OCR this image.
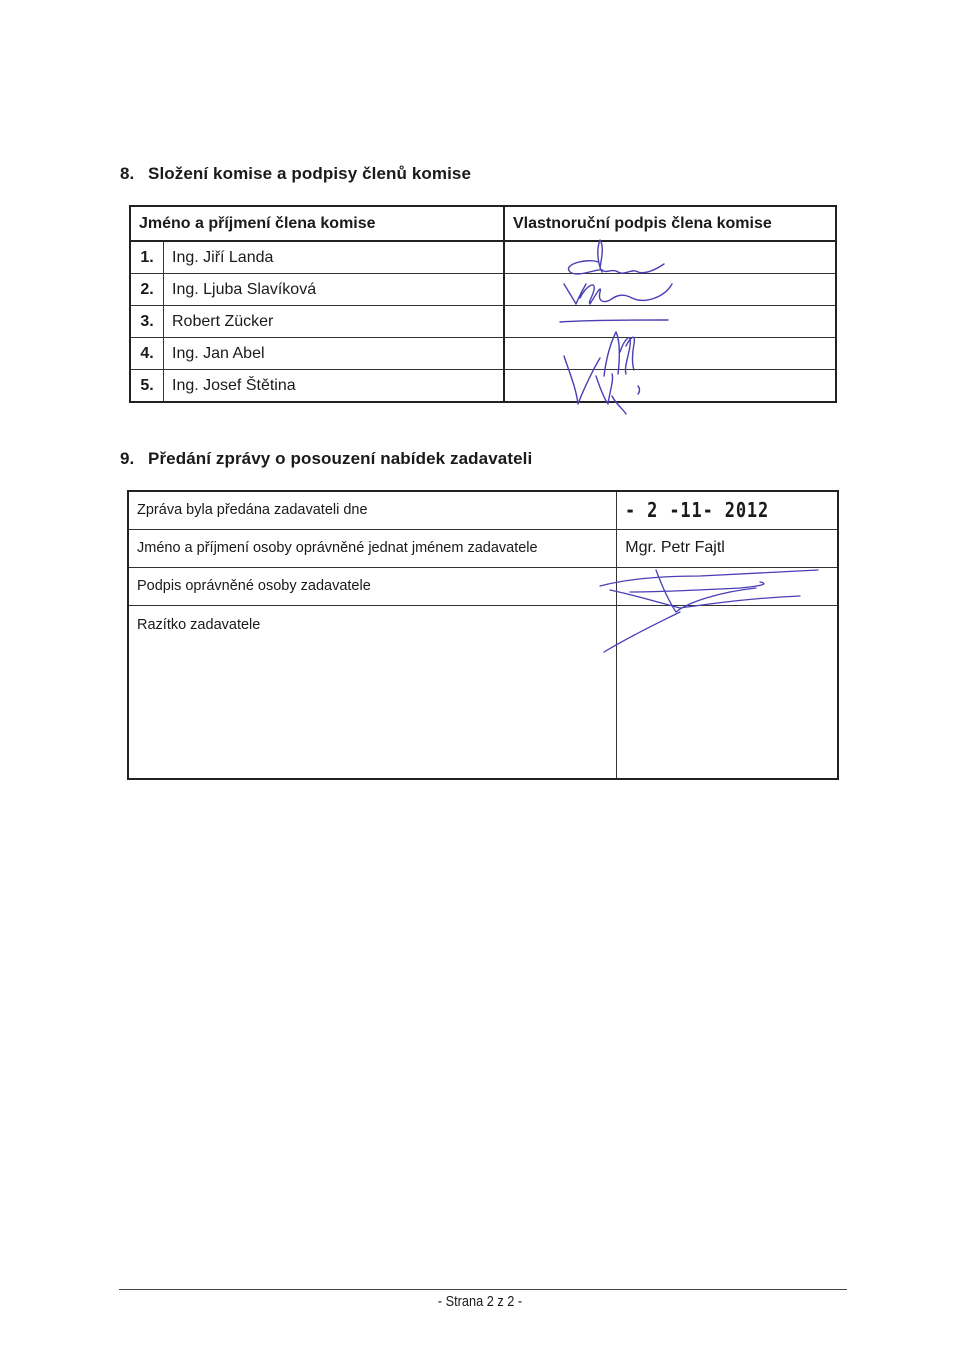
8. Složení komise a podpisy členů komise
Jméno a příjmení člena komise		Vlastnoruční podpis člena komise
1.	Ing. Jiří Landa	
2.	Ing. Ljuba Slavíková	
3.	Robert Zücker	
4.	Ing. Jan Abel	
5.	Ing. Josef Štětina	
9. Předání zprávy o posouzení nabídek zadavateli
Zpráva byla předána zadavateli dne	- 2 -11- 2012
Jméno a příjmení osoby oprávněné jednat jménem zadavatele	Mgr. Petr Fajtl
Podpis oprávněné osoby zadavatele	
Razítko zadavatele	
- Strana 2 z 2 -
